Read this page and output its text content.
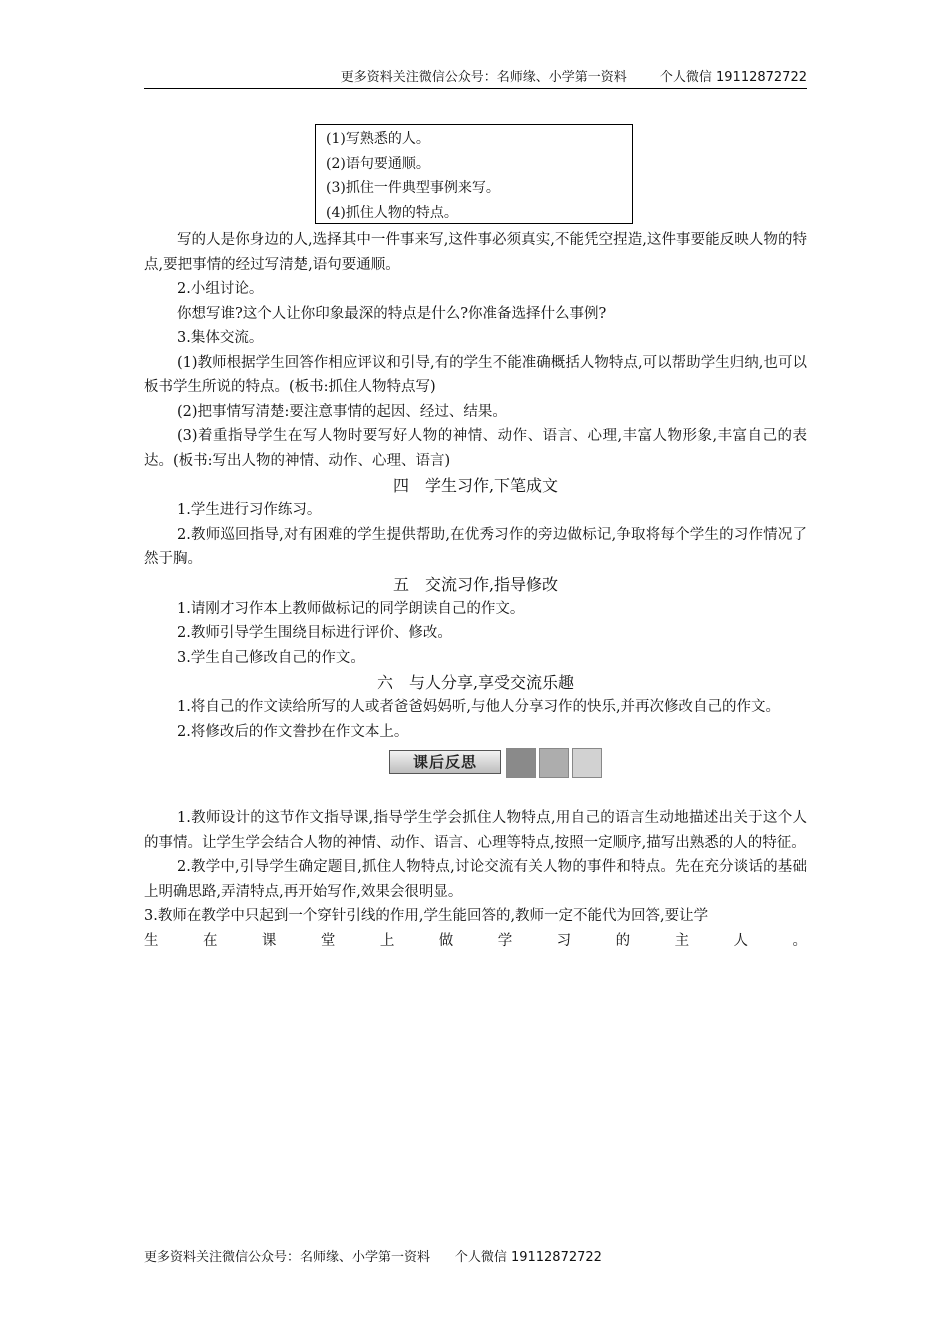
更多资料关注微信公众号：名师缘、小学第一资料	个人微信 19112872722
(1)写熟悉的人。
(2)语句要通顺。
(3)抓住一件典型事例来写。
(4)抓住人物的特点。

写的人是你身边的人,选择其中一件事来写,这件事必须真实,不能凭空捏造,这件事要能反映人物的特点,要把事情的经过写清楚,语句要通顺。

2.小组讨论。

你想写谁?这个人让你印象最深的特点是什么?你准备选择什么事例?

3.集体交流。

(1)教师根据学生回答作相应评议和引导,有的学生不能准确概括人物特点,可以帮助学生归纳,也可以板书学生所说的特点。(板书:抓住人物特点写)

(2)把事情写清楚:要注意事情的起因、经过、结果。

(3)着重指导学生在写人物时要写好人物的神情、动作、语言、心理,丰富人物形象,丰富自己的表达。(板书:写出人物的神情、动作、心理、语言)

四　学生习作,下笔成文

1.学生进行习作练习。

2.教师巡回指导,对有困难的学生提供帮助,在优秀习作的旁边做标记,争取将每个学生的习作情况了然于胸。

五　交流习作,指导修改

1.请刚才习作本上教师做标记的同学朗读自己的作文。

2.教师引导学生围绕目标进行评价、修改。

3.学生自己修改自己的作文。

六　与人分享,享受交流乐趣

1.将自己的作文读给所写的人或者爸爸妈妈听,与他人分享习作的快乐,并再次修改自己的作文。

2.将修改后的作文誊抄在作文本上。

课后反思

1.教师设计的这节作文指导课,指导学生学会抓住人物特点,用自己的语言生动地描述出关于这个人的事情。让学生学会结合人物的神情、动作、语言、心理等特点,按照一定顺序,描写出熟悉的人的特征。

2.教学中,引导学生确定题目,抓住人物特点,讨论交流有关人物的事件和特点。先在充分谈话的基础上明确思路,弄清特点,再开始写作,效果会很明显。

3.教师在教学中只起到一个穿针引线的作用,学生能回答的,教师一定不能代为回答,要让学

生在课堂上做学习的主人。

更多资料关注微信公众号：名师缘、小学第一资料 个人微信 19112872722
